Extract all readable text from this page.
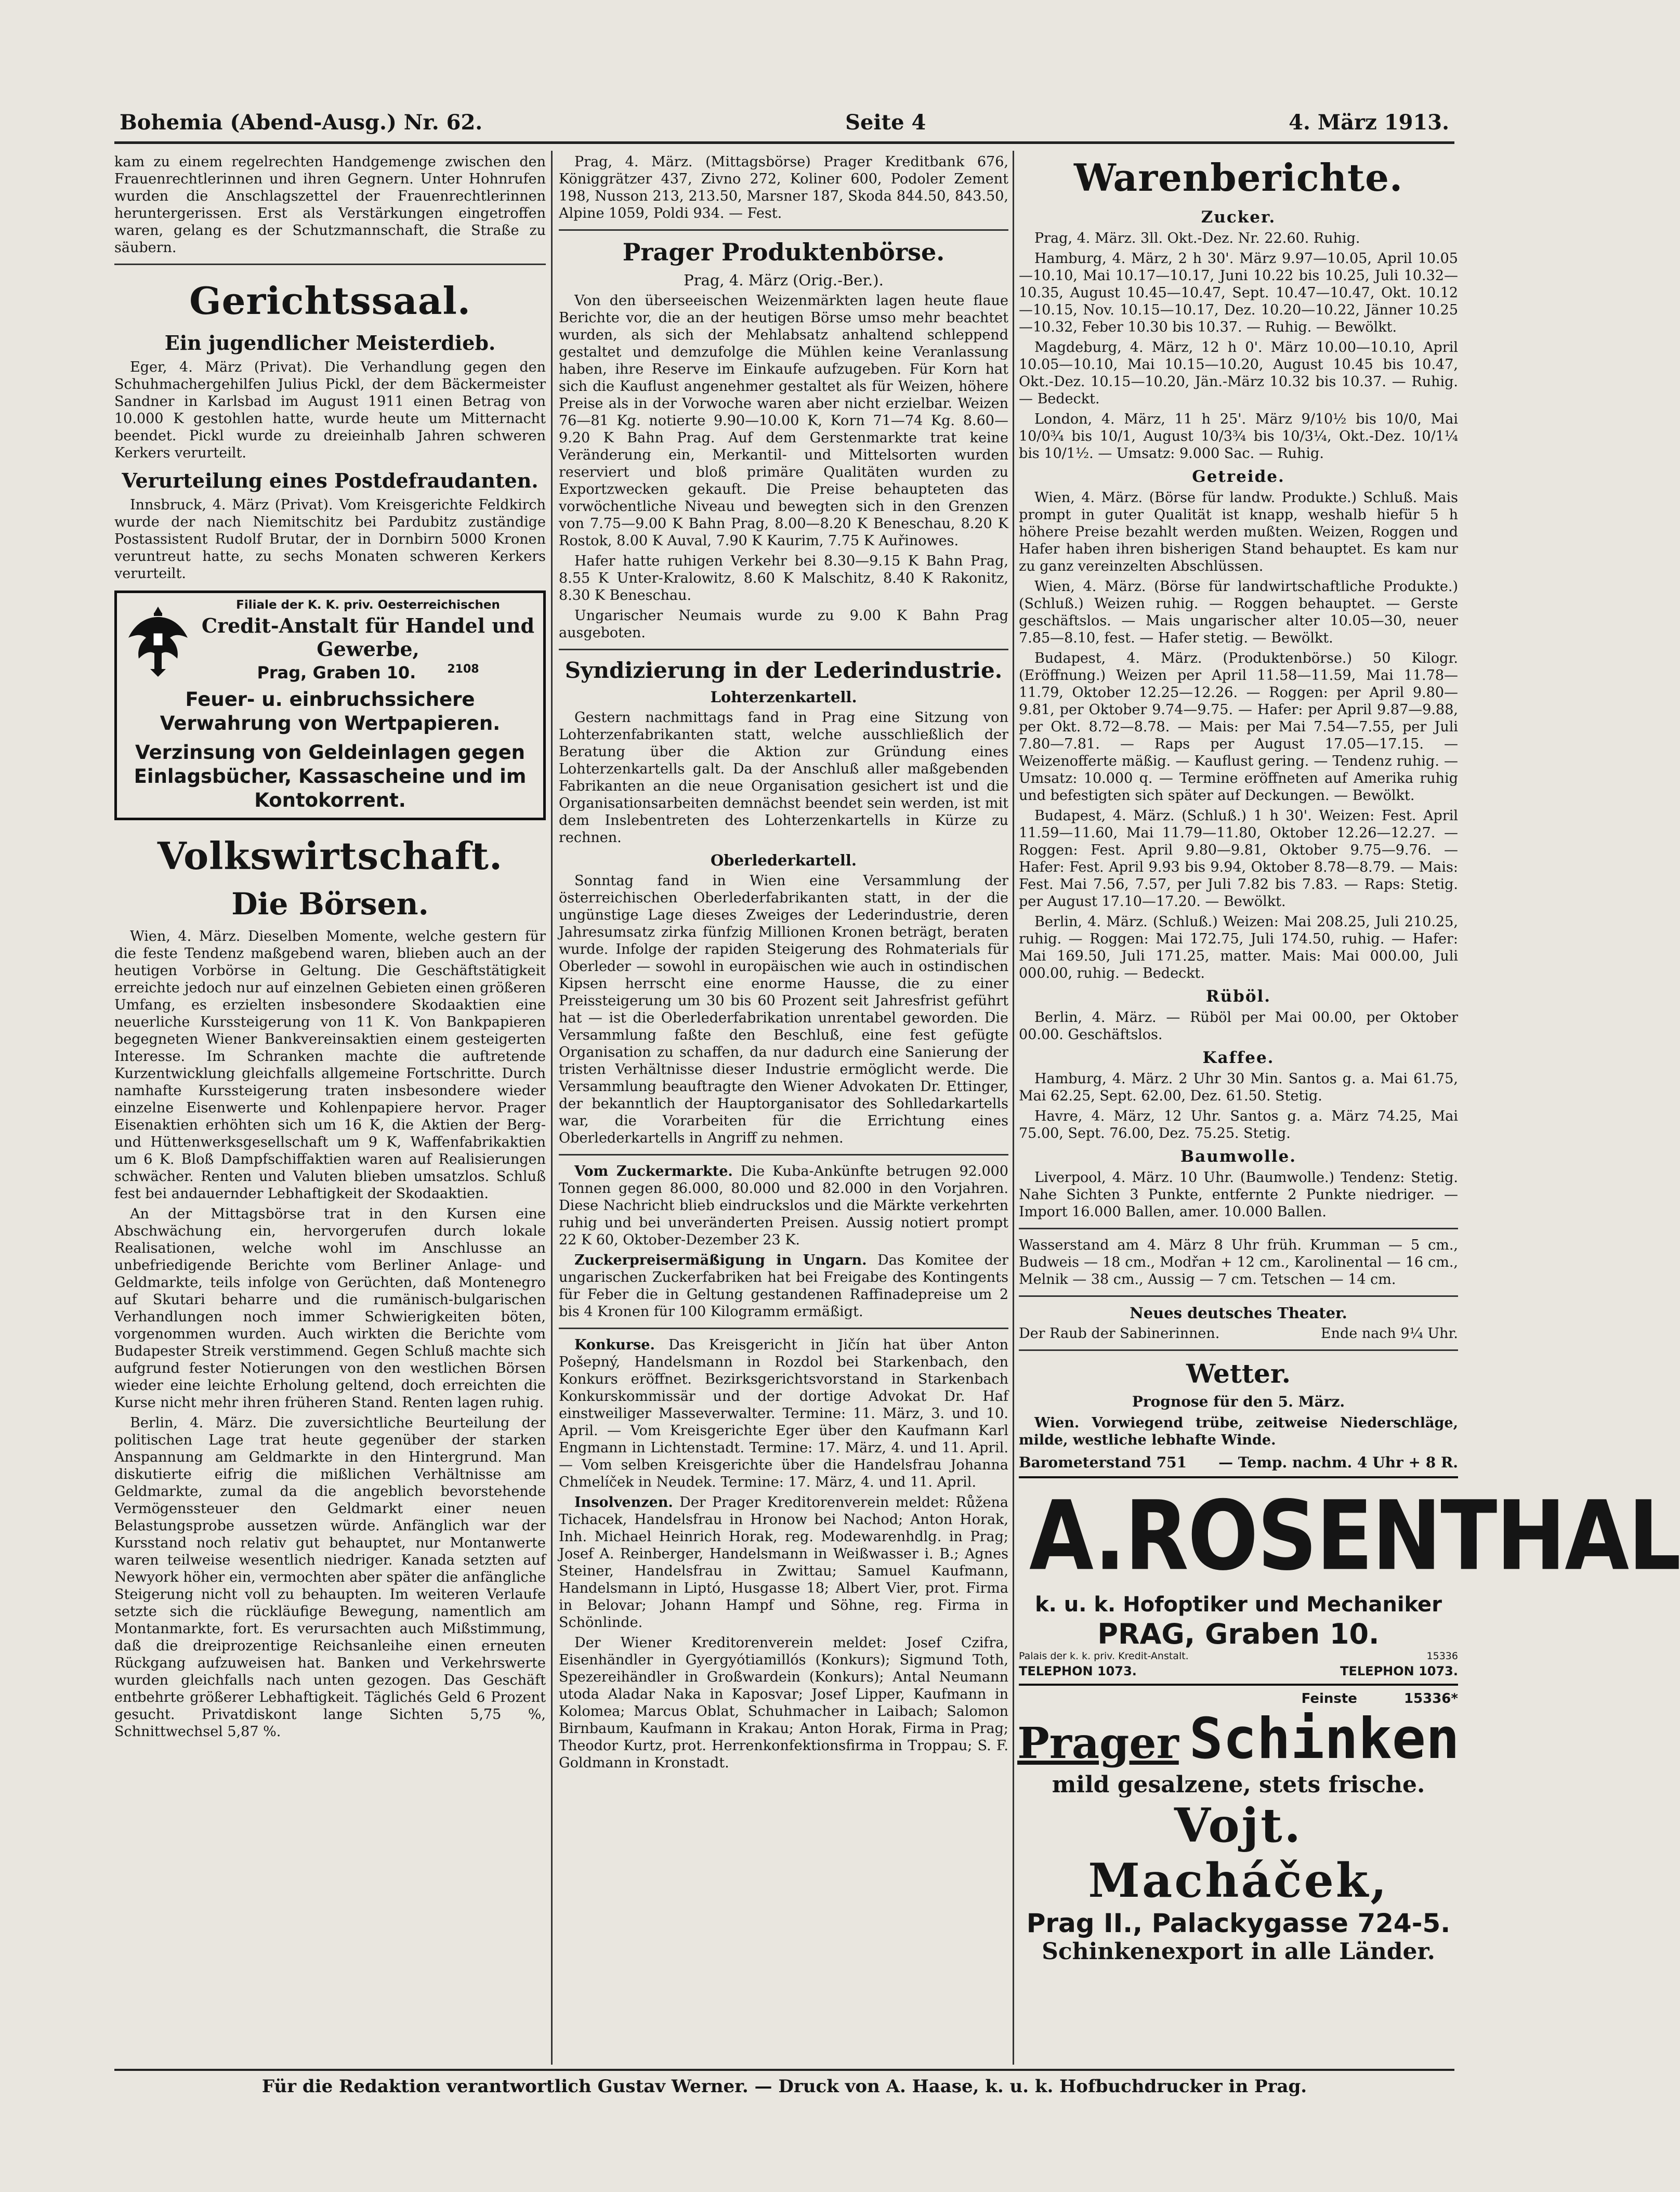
Bohemia (Abend-Ausg.) Nr. 62.	Seite 4	4. März 1913.

kam zu einem regelrechten Handgemenge zwischen den Frauenrechtlerinnen und ihren Gegnern. Unter Hohnrufen wurden die Anschlagszettel der Frauenrechtlerinnen heruntergerissen. Erst als Verstärkungen eingetroffen waren, gelang es der Schutzmannschaft, die Straße zu säubern.

Gerichtssaal.
Ein jugendlicher Meisterdieb.

Eger, 4. März (Privat). Die Verhandlung gegen den Schuhmachergehilfen Julius Pickl, der dem Bäckermeister Sandner in Karlsbad im August 1911 einen Betrag von 10.000 K gestohlen hatte, wurde heute um Mitternacht beendet. Pickl wurde zu dreieinhalb Jahren schweren Kerkers verurteilt.

Verurteilung eines Postdefraudanten.

Innsbruck, 4. März (Privat). Vom Kreisgerichte Feldkirch wurde der nach Niemitschitz bei Pardubitz zuständige Postassistent Rudolf Brutar, der in Dornbirn 5000 Kronen veruntreut hatte, zu sechs Monaten schweren Kerkers verurteilt.

Filiale der K. K. priv. Oesterreichischen
Credit-Anstalt für Handel und Gewerbe,
Prag, Graben 10.	2108
Feuer- u. einbruchssichere Verwahrung von Wertpapieren.
Verzinsung von Geldeinlagen gegen Einlagsbücher, Kassascheine und im Kontokorrent.
Volkswirtschaft.
Die Börsen.

Wien, 4. März. Dieselben Momente, welche gestern für die feste Tendenz maßgebend waren, blieben auch an der heutigen Vorbörse in Geltung. Die Geschäftstätigkeit erreichte jedoch nur auf einzelnen Gebieten einen größeren Umfang, es erzielten insbesondere Skodaaktien eine neuerliche Kurssteigerung von 11 K. Von Bankpapieren begegneten Wiener Bankvereinsaktien einem gesteigerten Interesse. Im Schranken machte die auftretende Kurzentwicklung gleichfalls allgemeine Fortschritte. Durch namhafte Kurssteigerung traten insbesondere wieder einzelne Eisenwerte und Kohlenpapiere hervor. Prager Eisenaktien erhöhten sich um 16 K, die Aktien der Berg- und Hüttenwerksgesellschaft um 9 K, Waffenfabrikaktien um 6 K. Bloß Dampfschiffaktien waren auf Realisierungen schwächer. Renten und Valuten blieben umsatzlos. Schluß fest bei andauernder Lebhaftigkeit der Skodaaktien.

An der Mittagsbörse trat in den Kursen eine Abschwächung ein, hervorgerufen durch lokale Realisationen, welche wohl im Anschlusse an unbefriedigende Berichte vom Berliner Anlage- und Geldmarkte, teils infolge von Gerüchten, daß Montenegro auf Skutari beharre und die rumänisch-bulgarischen Verhandlungen noch immer Schwierigkeiten böten, vorgenommen wurden. Auch wirkten die Berichte vom Budapester Streik verstimmend. Gegen Schluß machte sich aufgrund fester Notierungen von den westlichen Börsen wieder eine leichte Erholung geltend, doch erreichten die Kurse nicht mehr ihren früheren Stand. Renten lagen ruhig.

Berlin, 4. März. Die zuversichtliche Beurteilung der politischen Lage trat heute gegenüber der starken Anspannung am Geldmarkte in den Hintergrund. Man diskutierte eifrig die mißlichen Verhältnisse am Geldmarkte, zumal da die angeblich bevorstehende Vermögenssteuer den Geldmarkt einer neuen Belastungsprobe aussetzen würde. Anfänglich war der Kursstand noch relativ gut behauptet, nur Montanwerte waren teilweise wesentlich niedriger. Kanada setzten auf Newyork höher ein, vermochten aber später die anfängliche Steigerung nicht voll zu behaupten. Im weiteren Verlaufe setzte sich die rückläufige Bewegung, namentlich am Montanmarkte, fort. Es verursachten auch Mißstimmung, daß die dreiprozentige Reichsanleihe einen erneuten Rückgang aufzuweisen hat. Banken und Verkehrswerte wurden gleichfalls nach unten gezogen. Das Geschäft entbehrte größerer Lebhaftigkeit. Täglichés Geld 6 Prozent gesucht. Privatdiskont lange Sichten 5,75 %, Schnittwechsel 5,87 %.

Prag, 4. März. (Mittagsbörse) Prager Kreditbank 676, Königgrätzer 437, Zivno 272, Koliner 600, Podoler Zement 198, Nusson 213, 213.50, Marsner 187, Skoda 844.50, 843.50, Alpine 1059, Poldi 934. — Fest.

Prager Produktenbörse.
Prag, 4. März (Orig.-Ber.).

Von den überseeischen Weizenmärkten lagen heute flaue Berichte vor, die an der heutigen Börse umso mehr beachtet wurden, als sich der Mehlabsatz anhaltend schleppend gestaltet und demzufolge die Mühlen keine Veranlassung haben, ihre Reserve im Einkaufe aufzugeben. Für Korn hat sich die Kauflust angenehmer gestaltet als für Weizen, höhere Preise als in der Vorwoche waren aber nicht erzielbar. Weizen 76—81 Kg. notierte 9.90—10.00 K, Korn 71—74 Kg. 8.60—9.20 K Bahn Prag. Auf dem Gerstenmarkte trat keine Veränderung ein, Merkantil- und Mittelsorten wurden reserviert und bloß primäre Qualitäten wurden zu Exportzwecken gekauft. Die Preise behaupteten das vorwöchentliche Niveau und bewegten sich in den Grenzen von 7.75—9.00 K Bahn Prag, 8.00—8.20 K Beneschau, 8.20 K Rostok, 8.00 K Auval, 7.90 K Kaurim, 7.75 K Auřinowes.

Hafer hatte ruhigen Verkehr bei 8.30—9.15 K Bahn Prag, 8.55 K Unter-Kralowitz, 8.60 K Malschitz, 8.40 K Rakonitz, 8.30 K Beneschau.

Ungarischer Neumais wurde zu 9.00 K Bahn Prag ausgeboten.

Syndizierung in der Lederindustrie.
Lohterzenkartell.

Gestern nachmittags fand in Prag eine Sitzung von Lohterzenfabrikanten statt, welche ausschließlich der Beratung über die Aktion zur Gründung eines Lohterzenkartells galt. Da der Anschluß aller maßgebenden Fabrikanten an die neue Organisation gesichert ist und die Organisationsarbeiten demnächst beendet sein werden, ist mit dem Inslebentreten des Lohterzenkartells in Kürze zu rechnen.

Oberlederkartell.

Sonntag fand in Wien eine Versammlung der österreichischen Oberlederfabrikanten statt, in der die ungünstige Lage dieses Zweiges der Lederindustrie, deren Jahresumsatz zirka fünfzig Millionen Kronen beträgt, beraten wurde. Infolge der rapiden Steigerung des Rohmaterials für Oberleder — sowohl in europäischen wie auch in ostindischen Kipsen herrscht eine enorme Hausse, die zu einer Preissteigerung um 30 bis 60 Prozent seit Jahresfrist geführt hat — ist die Oberlederfabrikation unrentabel geworden. Die Versammlung faßte den Beschluß, eine fest gefügte Organisation zu schaffen, da nur dadurch eine Sanierung der tristen Verhältnisse dieser Industrie ermöglicht werde. Die Versammlung beauftragte den Wiener Advokaten Dr. Ettinger, der bekanntlich der Hauptorganisator des Sohlledarkartells war, die Vorarbeiten für die Errichtung eines Oberlederkartells in Angriff zu nehmen.

Vom Zuckermarkte. Die Kuba-Ankünfte betrugen 92.000 Tonnen gegen 86.000, 80.000 und 82.000 in den Vorjahren. Diese Nachricht blieb eindruckslos und die Märkte verkehrten ruhig und bei unveränderten Preisen. Aussig notiert prompt 22 K 60, Oktober-Dezember 23 K.

Zuckerpreisermäßigung in Ungarn. Das Komitee der ungarischen Zuckerfabriken hat bei Freigabe des Kontingents für Feber die in Geltung gestandenen Raffinadepreise um 2 bis 4 Kronen für 100 Kilogramm ermäßigt.

Konkurse. Das Kreisgericht in Jičín hat über Anton Pošepný, Handelsmann in Rozdol bei Starkenbach, den Konkurs eröffnet. Bezirksgerichtsvorstand in Starkenbach Konkurskommissär und der dortige Advokat Dr. Haf einstweiliger Masseverwalter. Termine: 11. März, 3. und 10. April. — Vom Kreisgerichte Eger über den Kaufmann Karl Engmann in Lichtenstadt. Termine: 17. März, 4. und 11. April. — Vom selben Kreisgerichte über die Handelsfrau Johanna Chmelíček in Neudek. Termine: 17. März, 4. und 11. April.

Insolvenzen. Der Prager Kreditorenverein meldet: Růžena Tichacek, Handelsfrau in Hronow bei Nachod; Anton Horak, Inh. Michael Heinrich Horak, reg. Modewarenhdlg. in Prag; Josef A. Reinberger, Handelsmann in Weißwasser i. B.; Agnes Steiner, Handelsfrau in Zwittau; Samuel Kaufmann, Handelsmann in Liptó, Husgasse 18; Albert Vier, prot. Firma in Belovar; Johann Hampf und Söhne, reg. Firma in Schönlinde.

Der Wiener Kreditorenverein meldet: Josef Czifra, Eisenhändler in Gyergyótiamillós (Konkurs); Sigmund Toth, Spezereihändler in Großwardein (Konkurs); Antal Neumann utoda Aladar Naka in Kaposvar; Josef Lipper, Kaufmann in Kolomea; Marcus Oblat, Schuhmacher in Laibach; Salomon Birnbaum, Kaufmann in Krakau; Anton Horak, Firma in Prag; Theodor Kurtz, prot. Herrenkonfektionsfirma in Troppau; S. F. Goldmann in Kronstadt.

Warenberichte.
Zucker.

Prag, 4. März. 3ll. Okt.-Dez. Nr. 22.60. Ruhig.

Hamburg, 4. März, 2 h 30'. März 9.97—10.05, April 10.05—10.10, Mai 10.17—10.17, Juni 10.22 bis 10.25, Juli 10.32—10.35, August 10.45—10.47, Sept. 10.47—10.47, Okt. 10.12—10.15, Nov. 10.15—10.17, Dez. 10.20—10.22, Jänner 10.25—10.32, Feber 10.30 bis 10.37. — Ruhig. — Bewölkt.

Magdeburg, 4. März, 12 h 0'. März 10.00—10.10, April 10.05—10.10, Mai 10.15—10.20, August 10.45 bis 10.47, Okt.-Dez. 10.15—10.20, Jän.-März 10.32 bis 10.37. — Ruhig. — Bedeckt.

London, 4. März, 11 h 25'. März 9/10½ bis 10/0, Mai 10/0¾ bis 10/1, August 10/3¾ bis 10/3¼, Okt.-Dez. 10/1¼ bis 10/1½. — Umsatz: 9.000 Sac. — Ruhig.

Getreide.

Wien, 4. März. (Börse für landw. Produkte.) Schluß. Mais prompt in guter Qualität ist knapp, weshalb hiefür 5 h höhere Preise bezahlt werden mußten. Weizen, Roggen und Hafer haben ihren bisherigen Stand behauptet. Es kam nur zu ganz vereinzelten Abschlüssen.

Wien, 4. März. (Börse für landwirtschaftliche Produkte.) (Schluß.) Weizen ruhig. — Roggen behauptet. — Gerste geschäftslos. — Mais ungarischer alter 10.05—30, neuer 7.85—8.10, fest. — Hafer stetig. — Bewölkt.

Budapest, 4. März. (Produktenbörse.) 50 Kilogr. (Eröffnung.) Weizen per April 11.58—11.59, Mai 11.78—11.79, Oktober 12.25—12.26. — Roggen: per April 9.80—9.81, per Oktober 9.74—9.75. — Hafer: per April 9.87—9.88, per Okt. 8.72—8.78. — Mais: per Mai 7.54—7.55, per Juli 7.80—7.81. — Raps per August 17.05—17.15. — Weizenofferte mäßig. — Kauflust gering. — Tendenz ruhig. — Umsatz: 10.000 q. — Termine eröffneten auf Amerika ruhig und befestigten sich später auf Deckungen. — Bewölkt.

Budapest, 4. März. (Schluß.) 1 h 30'. Weizen: Fest. April 11.59—11.60, Mai 11.79—11.80, Oktober 12.26—12.27. — Roggen: Fest. April 9.80—9.81, Oktober 9.75—9.76. — Hafer: Fest. April 9.93 bis 9.94, Oktober 8.78—8.79. — Mais: Fest. Mai 7.56, 7.57, per Juli 7.82 bis 7.83. — Raps: Stetig. per August 17.10—17.20. — Bewölkt.

Berlin, 4. März. (Schluß.) Weizen: Mai 208.25, Juli 210.25, ruhig. — Roggen: Mai 172.75, Juli 174.50, ruhig. — Hafer: Mai 169.50, Juli 171.25, matter. Mais: Mai 000.00, Juli 000.00, ruhig. — Bedeckt.

Rüböl.

Berlin, 4. März. — Rüböl per Mai 00.00, per Oktober 00.00. Geschäftslos.

Kaffee.

Hamburg, 4. März. 2 Uhr 30 Min. Santos g. a. Mai 61.75, Mai 62.25, Sept. 62.00, Dez. 61.50. Stetig.

Havre, 4. März, 12 Uhr. Santos g. a. März 74.25, Mai 75.00, Sept. 76.00, Dez. 75.25. Stetig.

Baumwolle.

Liverpool, 4. März. 10 Uhr. (Baumwolle.) Tendenz: Stetig. Nahe Sichten 3 Punkte, entfernte 2 Punkte niedriger. — Import 16.000 Ballen, amer. 10.000 Ballen.

Wasserstand am 4. März 8 Uhr früh. Krumman — 5 cm., Budweis — 18 cm., Modřan + 12 cm., Karolinental — 16 cm., Melnik — 38 cm., Aussig — 7 cm. Tetschen — 14 cm.

Neues deutsches Theater.

Der Raub der Sabinerinnen.	Ende nach 9¼ Uhr.

Wetter.
Prognose für den 5. März.

Wien. Vorwiegend trübe, zeitweise Niederschläge, milde, westliche lebhafte Winde.

Barometerstand 751 — Temp. nachm. 4 Uhr + 8 R.
A.ROSENTHAL
k. u. k. Hofoptiker und Mechaniker
PRAG, Graben 10.
Palais der k. k. priv. Kredit-Anstalt.	15336
TELEPHON 1073.	TELEPHON 1073.
Feinste	15336*
Prager Schinken
mild gesalzene, stets frische.
Vojt. Macháček,
Prag II., Palackygasse 724-5.
Schinkenexport in alle Länder.
Für die Redaktion verantwortlich Gustav Werner. — Druck von A. Haase, k. u. k. Hofbuchdrucker in Prag.
